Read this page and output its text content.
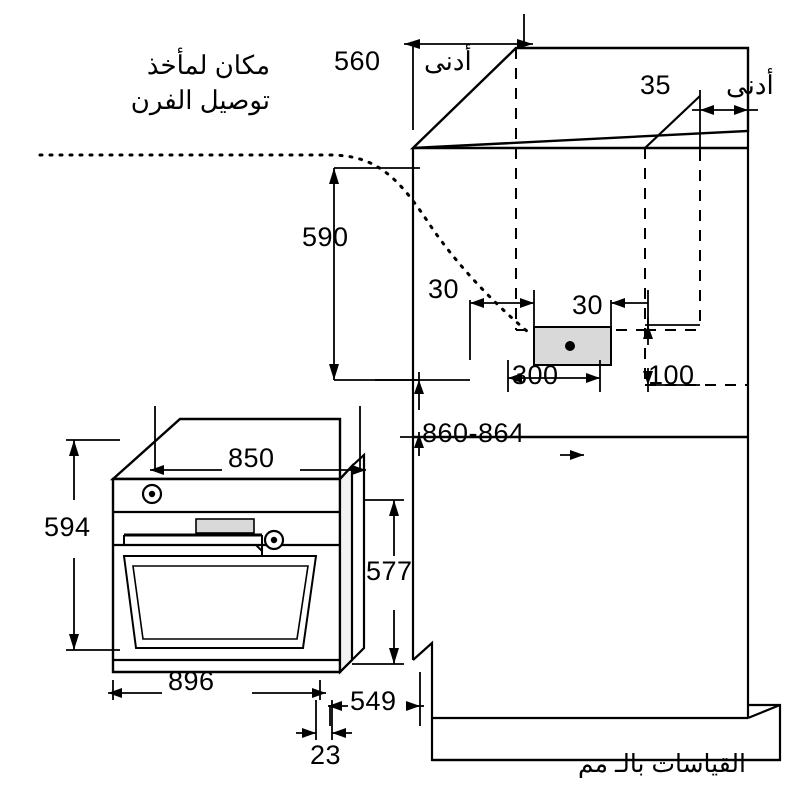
مكان لمأخذ
توصيل الفرن
560 أدنى
35 أدنى
590
30
30
300	100
860-864
850
594
577
896
549
23	القياسات بالـ مم
